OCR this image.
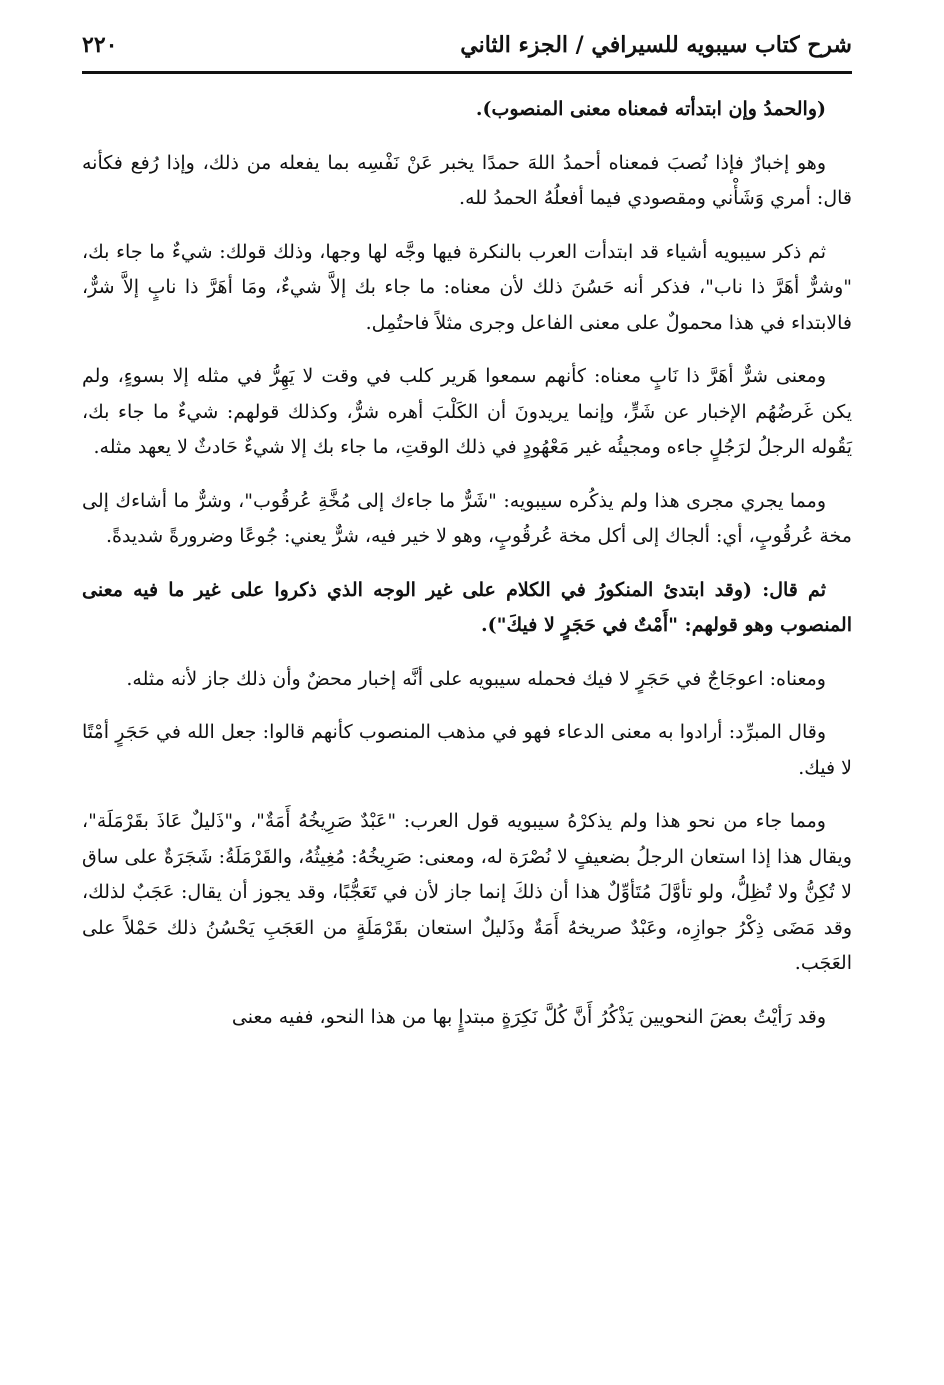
شرح كتاب سيبويه للسيرافي / الجزء الثاني
٢٢٠

(والحمدُ وإن ابتدأته فمعناه معنى المنصوب).

وهو إخبارٌ فإذا نُصبَ فمعناه أحمدُ اللهَ حمدًا يخبر عَنْ نَفْسِه بما يفعله من ذلك، وإذا رُفع فكأنه قال: أمري وَشَأْني ومقصودي فيما أفعلُهُ الحمدُ لله.

ثم ذكر سيبويه أشياء قد ابتدأت العرب بالنكرة فيها وجَّه لها وجها، وذلك قولك: شيءٌ ما جاء بك، "وشرٌّ أهَرَّ ذا ناب"، فذكر أنه حَسُنَ ذلك لأن معناه: ما جاء بك إلاَّ شيءٌ، ومَا أهَرَّ ذا نابٍ إلاَّ شرٌّ، فالابتداء في هذا محمولٌ على معنى الفاعل وجرى مثلاً فاحتُمِل.

ومعنى شرٌّ أهَرَّ ذا نَابٍ معناه: كأنهم سمعوا هَرير كلب في وقت لا يَهِرُّ في مثله إلا بسوءٍ، ولم يكن غَرضُهُم الإخبار عن شَرٍّ، وإنما يريدونَ أن الكَلْبَ أهره شرٌّ، وكذلك قولهم: شيءٌ ما جاء بك، يَقُوله الرجلُ لرَجُلٍ جاءه ومجيئُه غير مَعْهُودٍ في ذلك الوقتِ، ما جاء بك إلا شيءٌ حَادثٌ لا يعهد مثله.

ومما يجري مجرى هذا ولم يذكُره سيبويه: "شَرٌّ ما جاءك إلى مُخَّةِ عُرقُوب"، وشرٌّ ما أشاءك إلى مخة عُرقُوبٍ، أي: ألجاك إلى أكل مخة عُرقُوبٍ، وهو لا خير فيه، شرٌّ يعني: جُوعًا وضرورةً شديدةً.

ثم قال: (وقد ابتدئ المنكورُ في الكلام على غير الوجه الذي ذكروا على غير ما فيه معنى المنصوب وهو قولهم: "أَمْتٌ في حَجَرٍ لا فيكَ").

ومعناه: اعوجَاجٌ في حَجَرٍ لا فيك فحمله سيبويه على أنَّه إخبار محضٌ وأن ذلك جاز لأنه مثله.

وقال المبرِّد: أرادوا به معنى الدعاء فهو في مذهب المنصوب كأنهم قالوا: جعل الله في حَجَرٍ أمْتًا لا فيك.

ومما جاء من نحو هذا ولم يذكرْهُ سيبويه قول العرب: "عَبْدٌ صَرِيخُهُ أَمَةٌ"، و"ذَليلٌ عَاذَ بقَرْمَلَة"، ويقال هذا إذا استعان الرجلُ بضعيفٍ لا نُصْرَة له، ومعنى: صَرِيخُهُ: مُغِيثُهُ، والقَرْمَلَةُ: شَجَرَةٌ على ساق لا تُكِنُّ ولا تُظِلُّ، ولو تأوَّلَ مُتَأوِّلٌ هذا أن ذلكَ إنما جاز لأن في تَعَجُّبًا، وقد يجوز أن يقال: عَجَبٌ لذلك، وقد مَضَى ذِكْرُ جوازِه، وعَبْدٌ صريخهُ أَمَةٌ وذَليلٌ استعان بقَرْمَلَةٍ من العَجَبِ يَحْسُنُ ذلك حَمْلاً على العَجَب.

وقد رَأيْتُ بعضَ النحويين يَذْكُرُ أَنَّ كُلَّ نَكِرَةٍ مبتدإٍ بها من هذا النحو، ففيه معنى
